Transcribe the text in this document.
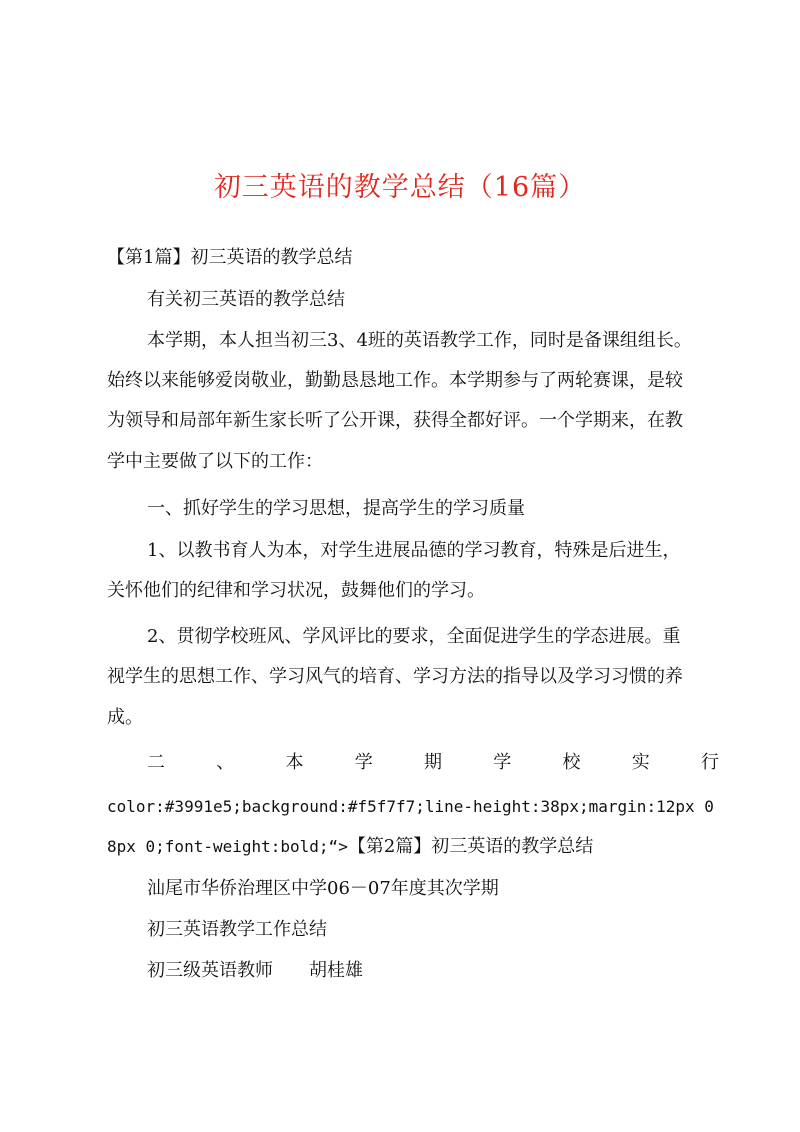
初三英语的教学总结（16篇）
【第1篇】初三英语的教学总结
有关初三英语的教学总结
本学期，本人担当初三3、4班的英语教学工作，同时是备课组组长。
始终以来能够爱岗敬业，勤勤恳恳地工作。本学期参与了两轮赛课，是较
为领导和局部年新生家长听了公开课，获得全都好评。一个学期来，在教
学中主要做了以下的工作：
一、抓好学生的学习思想，提高学生的学习质量
1、以教书育人为本，对学生进展品德的学习教育，特殊是后进生，
关怀他们的纪律和学习状况，鼓舞他们的学习。
2、贯彻学校班风、学风评比的要求，全面促进学生的学态进展。重
视学生的思想工作、学习风气的培育、学习方法的指导以及学习习惯的养
成。
二	、	本	学	期	学	校	实	行
color:#3991e5;background:#f5f7f7;line-height:38px;margin:12px 0
8px 0;font-weight:bold;“>【第2篇】初三英语的教学总结
汕尾市华侨治理区中学06－07年度其次学期
初三英语教学工作总结
初三级英语教师　　胡桂雄
